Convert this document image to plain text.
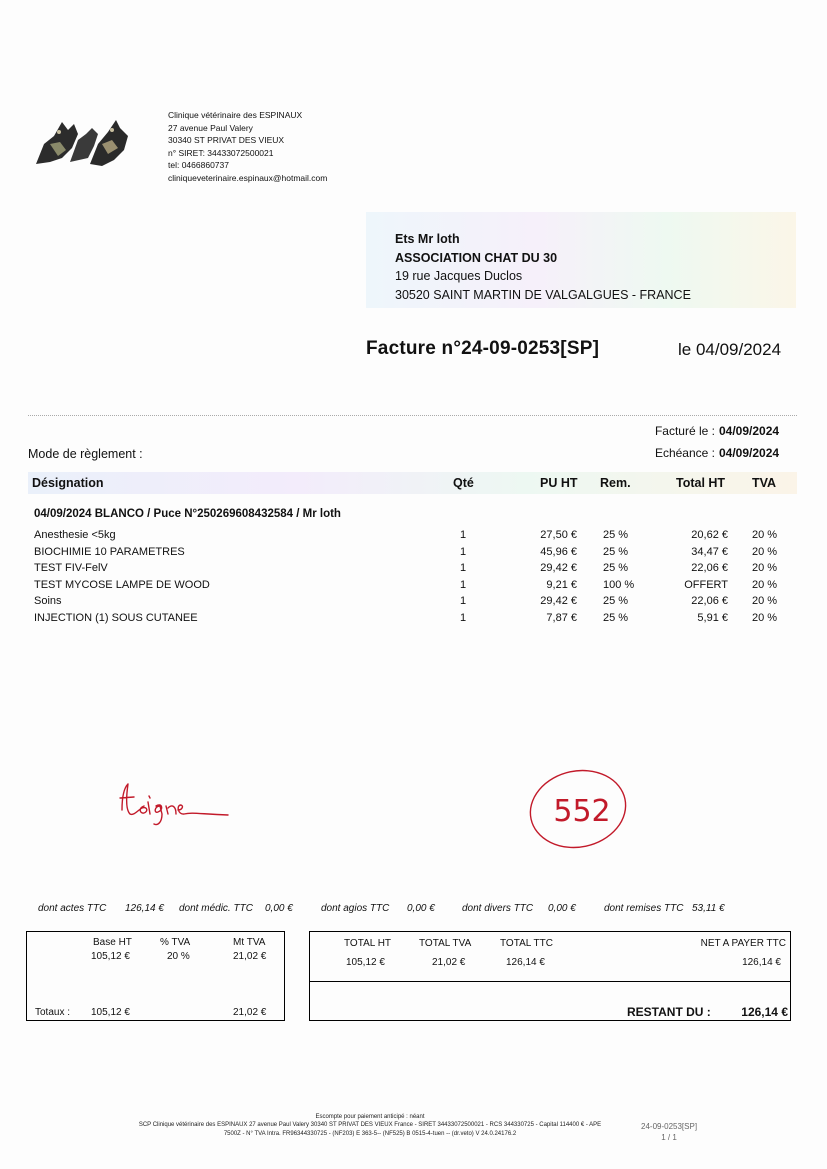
Clinique vétérinaire des ESPINAUX
27 avenue Paul Valery
30340 ST PRIVAT DES VIEUX
n° SIRET: 34433072500021
tel: 0466860737
cliniqueveterinaire.espinaux@hotmail.com
Ets Mr loth
ASSOCIATION CHAT DU 30
19 rue Jacques Duclos
30520 SAINT MARTIN DE VALGALGUES - FRANCE
Facture n°24-09-0253[SP]	le 04/09/2024
Facturé le : 04/09/2024
Echéance : 04/09/2024
Mode de règlement :
Désignation	Qté	PU HT Rem.	Total HT TVA
04/09/2024 BLANCO / Puce N°250269608432584 / Mr loth
Anesthesie <5kg	1	27,50 € 25 %	20,62 € 20 %
BIOCHIMIE 10 PARAMETRES	1	45,96 € 25 %	34,47 € 20 %
TEST FIV-FelV	1	29,42 € 25 %	22,06 € 20 %
TEST MYCOSE LAMPE DE WOOD	1	9,21 € 100 %	OFFERT 20 %
Soins	1	29,42 € 25 %	22,06 € 20 %
INJECTION (1) SOUS CUTANEE	1	7,87 € 25 %	5,91 € 20 %
552
dont actes TTC 126,14 € dont médic. TTC 0,00 €	dont agios TTC 0,00 €	dont divers TTC 0,00 €	dont remises TTC 53,11 €
Base HT	% TVA	Mt TVA
105,12 €	20 %	21,02 €
Totaux : 105,12 €	21,02 €
TOTAL HT	TOTAL TVA	TOTAL TTC	NET A PAYER TTC
105,12 €	21,02 €	126,14 €	126,14 €
RESTANT DU :	126,14 €
Escompte pour paiement anticipé : néant
SCP Clinique vétérinaire des ESPINAUX 27 avenue Paul Valery 30340 ST PRIVAT DES VIEUX France - SIRET 34433072500021 - RCS 344330725 - Capital 114400 € - APE
7500Z - N° TVA Intra. FR96344330725 - (NF203) E 363-5-- (NF525) B 0515-4-tuen -- (dr.veto) V 24.0.24176.2
24-09-0253[SP]
1 / 1
